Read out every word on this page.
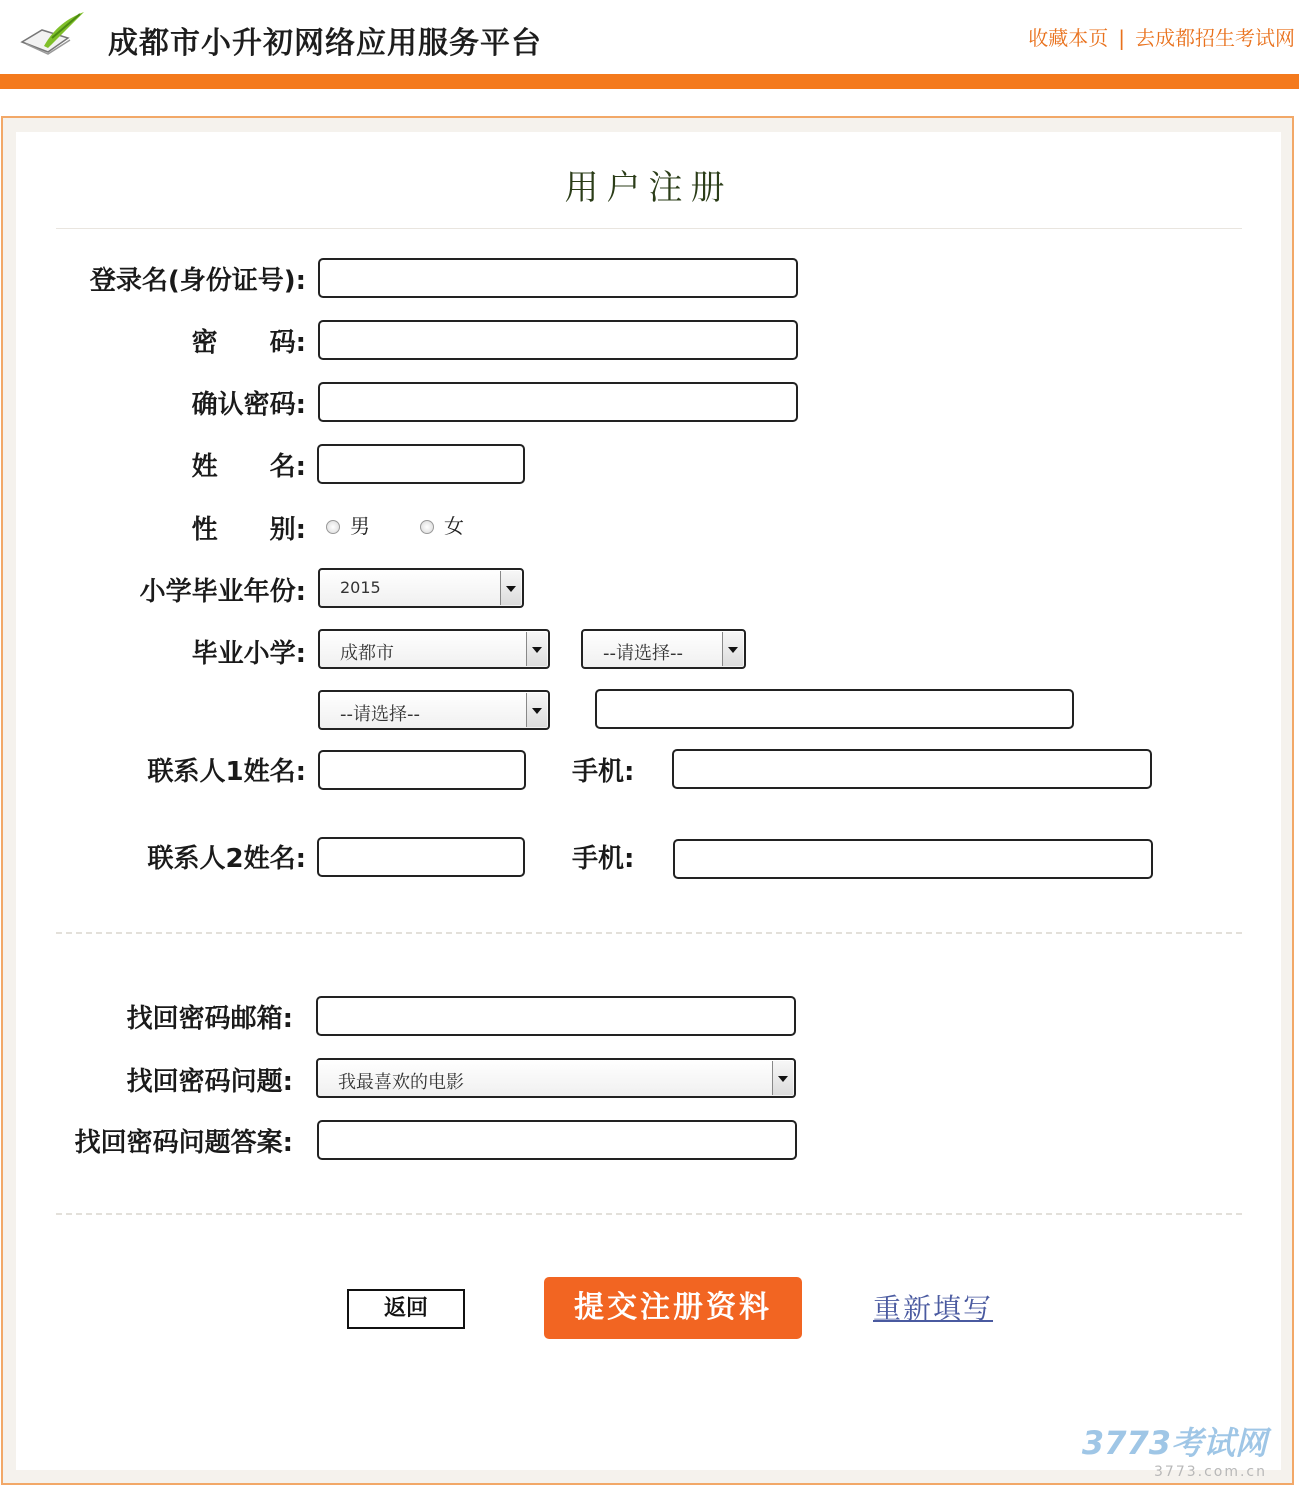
成都市小升初网络应用服务平台	收藏本页 | 去成都招生考试网
用户注册
登录名(身份证号):
密　　码:
确认密码:
姓　　名:
性　　别: 男	女
小学毕业年份: 2015
毕业小学: 成都市	--请选择--
--请选择--
联系人1姓名:	手机:
联系人2姓名:	手机:
找回密码邮箱:
找回密码问题:	我最喜欢的电影
找回密码问题答案:
返回	提交注册资料	重新填写
3773考试网
3773.com.cn
